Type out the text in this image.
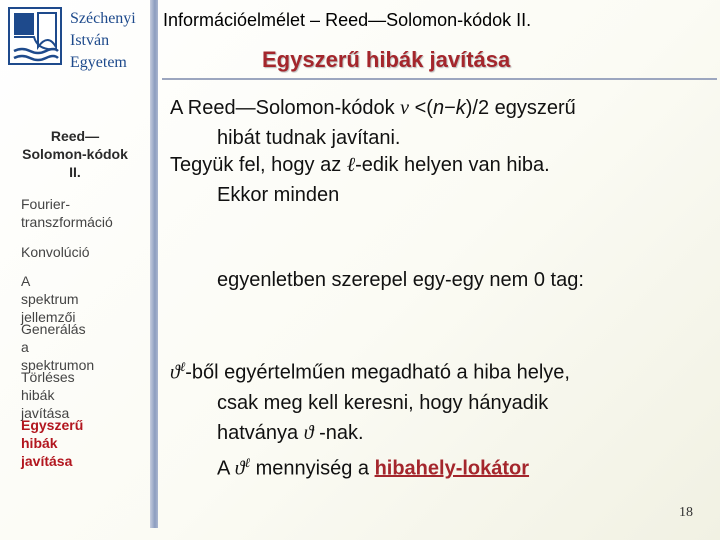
Széchenyi
István
Egyetem
Információelmélet – Reed—Solomon-kódok II.
Egyszerű hibák javítása
Reed—
Solomon-kódok
II.
Fourier-
transzformáció
Konvolúció
A spektrum
jellemzői
Generálás a
spektrumon
Törléses hibák
javítása
Egyszerű hibák
javítása
A Reed—Solomon-kódok ν <(n−k)/2 egyszerű
hibát tudnak javítani.
Tegyük fel, hogy az ℓ-edik helyen van hiba.
Ekkor minden
egyenletben szerepel egy-egy nem 0 tag:
$ϑ^\ell$-ből egyértelműen megadható a hiba helye,
csak meg kell keresni, hogy hányadik
hatványa ϑ -nak.
A $ϑ^\ell$ mennyiség a hibahely-lokátor
18
